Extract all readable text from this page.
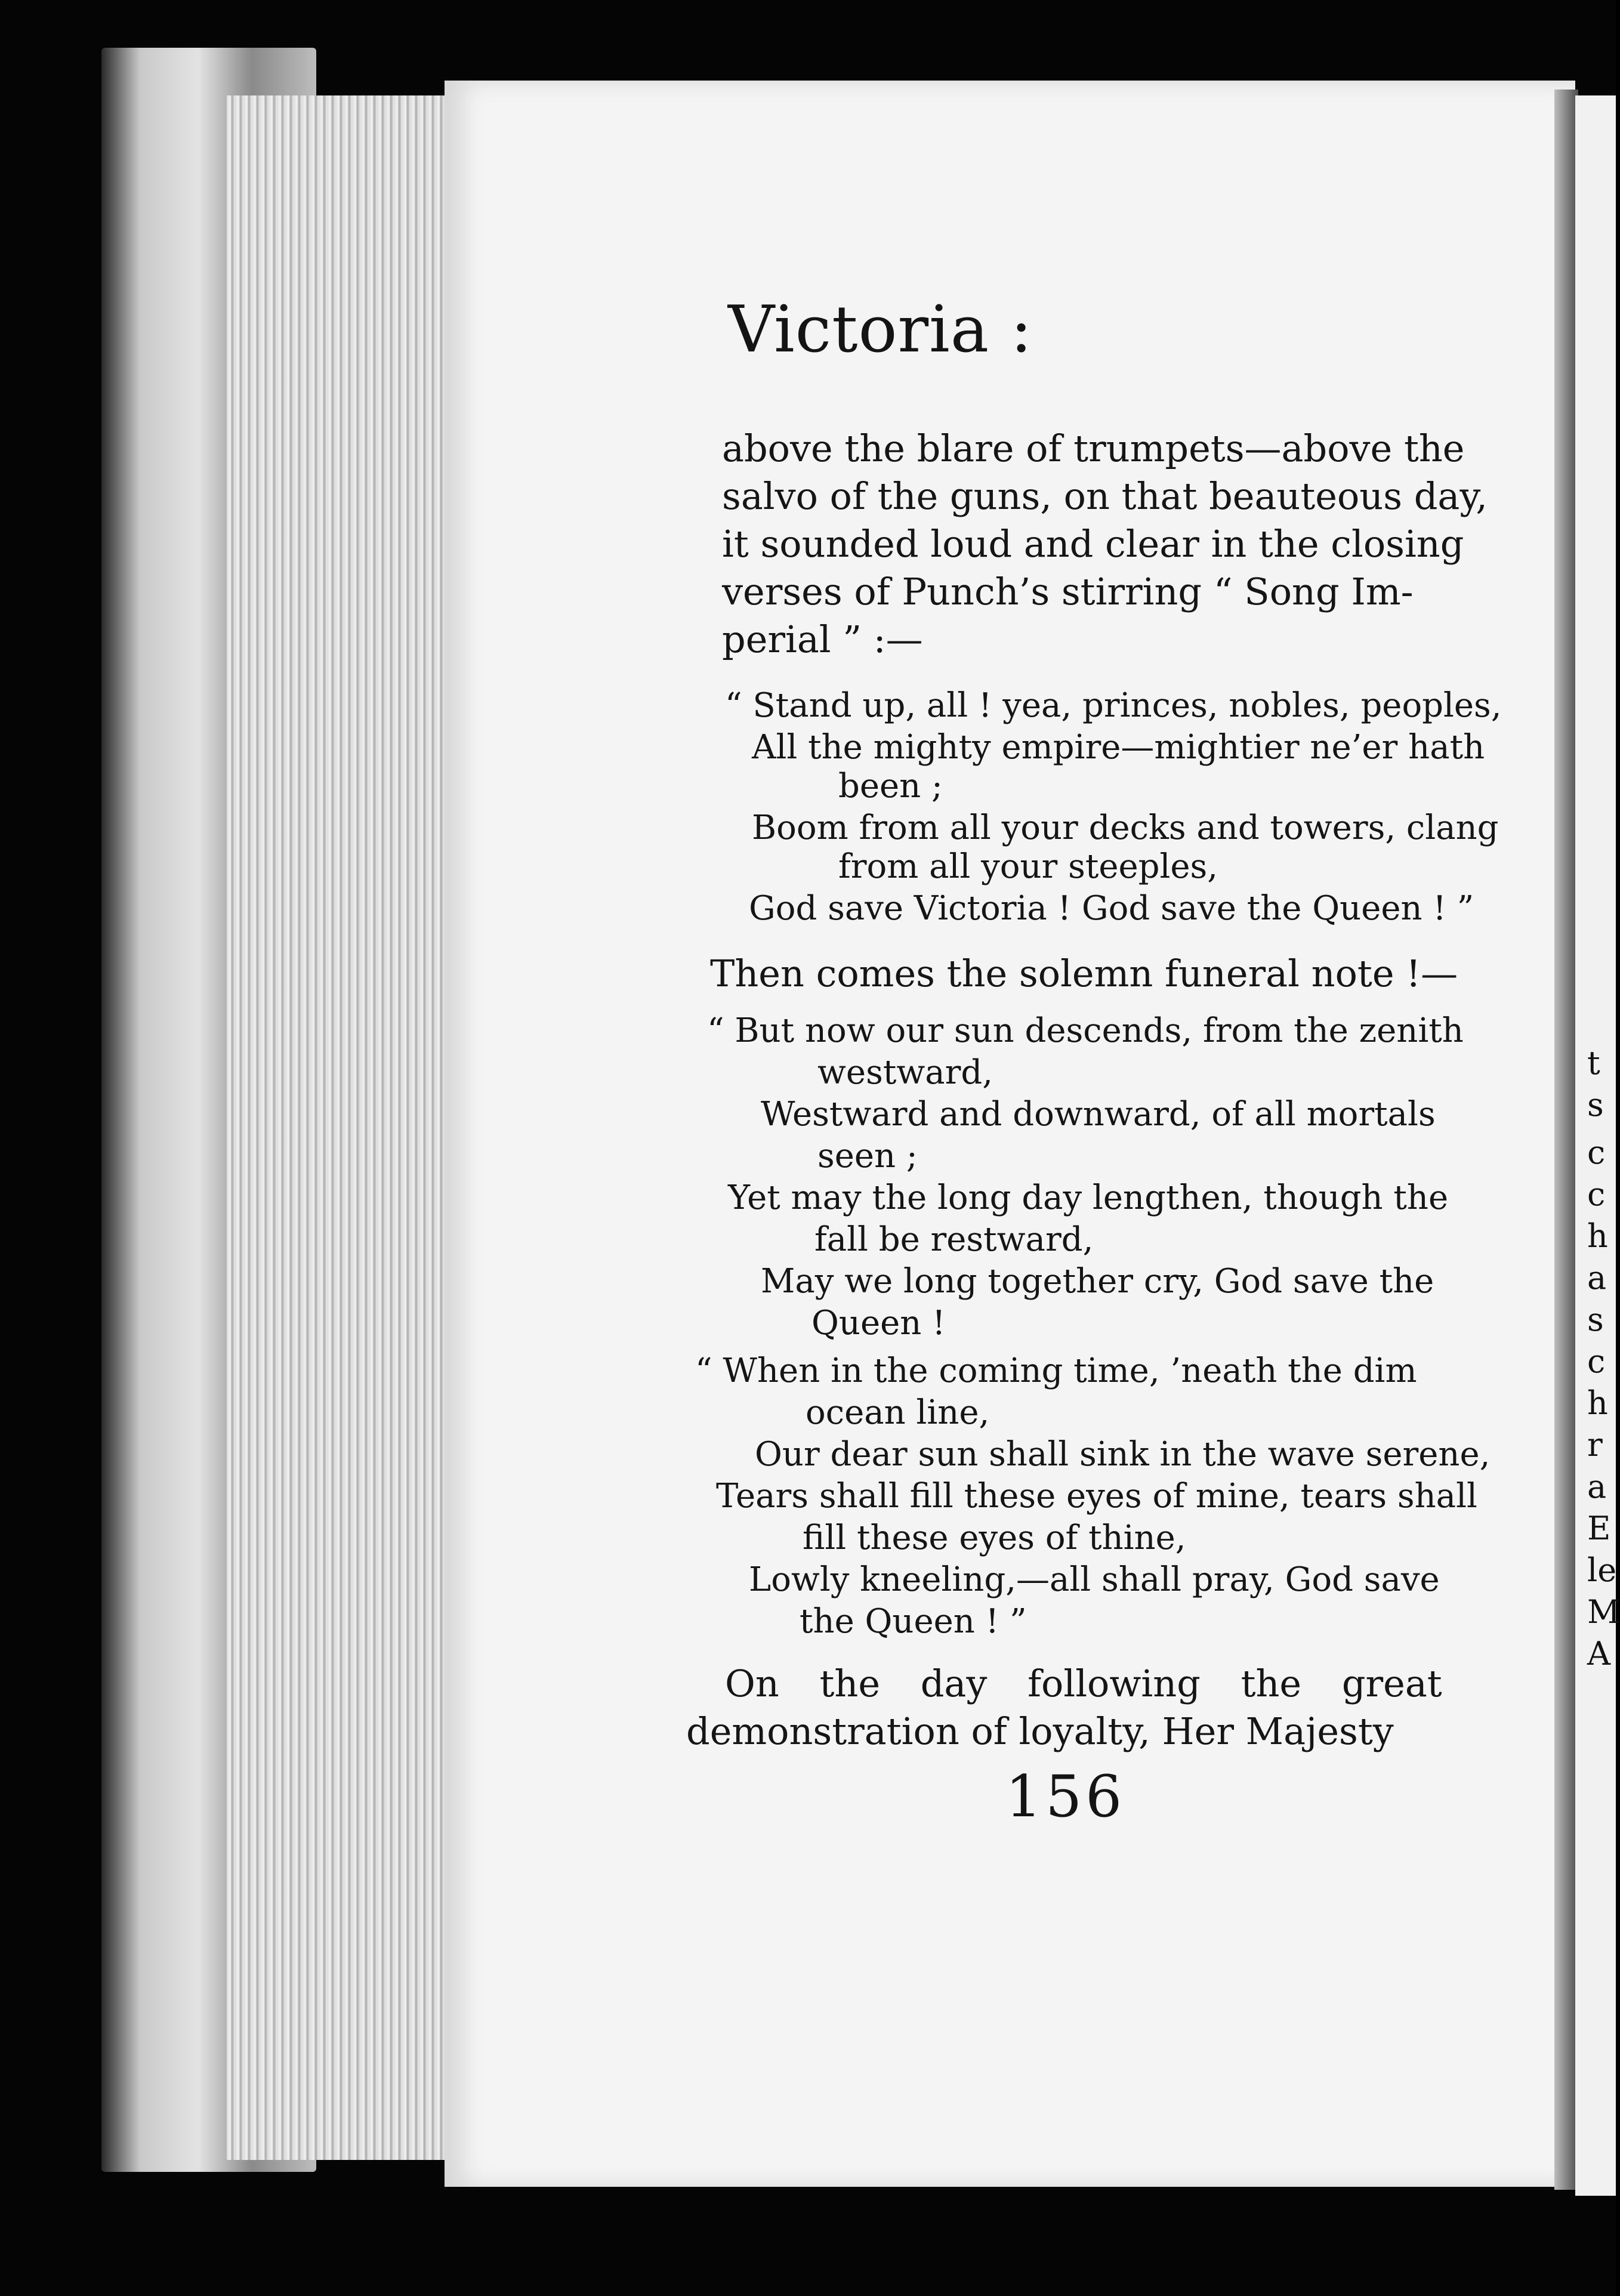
t
s
c
c
h
a
s
c
h
r
a
E
le
M
A
Victoria :
above the blare of trumpets—above the
salvo of the guns, on that beauteous day,
it sounded loud and clear in the closing
verses of Punch’s stirring “ Song Im-
perial ” :—
“ Stand up, all ! yea, princes, nobles, peoples,
All the mighty empire—mightier ne’er hath
been ;
Boom from all your decks and towers, clang
from all your steeples,
God save Victoria ! God save the Queen ! ”
Then comes the solemn funeral note !—
“ But now our sun descends, from the zenith
westward,
Westward and downward, of all mortals
seen ;
Yet may the long day lengthen, though the
fall be restward,
May we long together cry, God save the
Queen !
“ When in the coming time, ’neath the dim
ocean line,
Our dear sun shall sink in the wave serene,
Tears shall fill these eyes of mine, tears shall
fill these eyes of thine,
Lowly kneeling,—all shall pray, God save
the Queen ! ”
On the day following the great
demonstration of loyalty, Her Majesty
156
